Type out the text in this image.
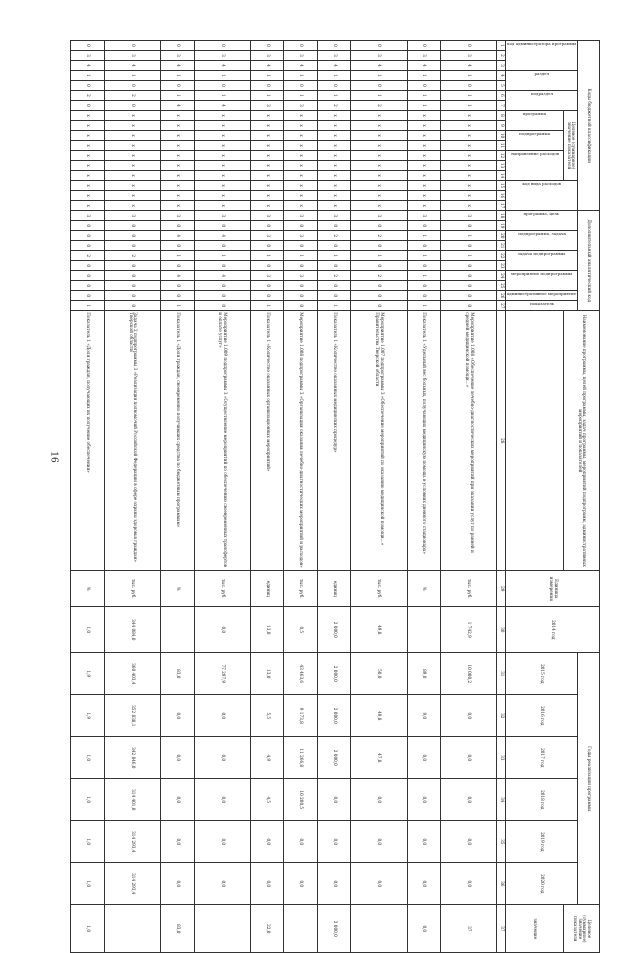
16
Коды бюджетной классификации																	Дополнительный аналитический код										Наименование программы, целей программы, задач программы, мероприятий подпрограмм, административных мероприятий и показателей	Единица измерения	2014 год	Годы реализации программы						Целевое (суммарное) значение показателя

код администратора программы			раздел		подраздел		Целевое (суммарное) значение показателя							код вида расходов			программа, цель		подпрограмма, задача		задача подпрограммы		мероприятие подпрограммы		административное мероприятие	показатель				2015 год	2016 год	2017 год	2018 год	2019 год	2020 год	

							программа		подпрограмма		направление расходов																									значение
1	2	3	4	5	6	7	8	9	10	11	12	13	14	15	16	17	18	19	20	21	22	23	24	25	26	27	28	29	30	31	32	33	34	35	36	37
0	3	4	1	0	1	1	х	х	х	х	х	х	х	х	х	х	3	0	1	0	1	0	0	0	0	0	Мероприятие 1.008 «Обеспечение лечебно-диагностических мероприятий при оказании услуг по ранней и средней медицинской помощи…»	тыс. руб.	1 742,9	10 000,2	0,0	0,0	0,0	0,0	0,0	37
0	3	4	1	0	1	1	х	х	х	х	х	х	х	х	х	х	3	0	1	0	1	0	1	0	0	1	Показатель 1 «Удельный вес больных, получающих медицинскую помощь в условиях дневного стационара»	%		89,0	9,0	0,0	0,0	0,0	0,0	0,0
0	3	4	1	0	1	2	х	х	х	х	х	х	х	х	х	х	3	0	2	0	1	0	2	0	0	0	Мероприятие 1.007 подпрограммы 3 «Обеспечение мероприятий по оказанию медицинской помощи…» Правительства Тверской области	тыс. руб.	49,8	50,0	49,8	47,8	0,0	0,0	0,0	
0	3	4	1	0	1	2	х	х	х	х	х	х	х	х	х	х	3	0	2	0	1	0	2	0	0	1	Показатель 1 «Количество оказанных медицинских процедур»	единиц	2 000,0	2 000,0	2 000,0	2 000,0	0,0	0,0	0,0	2 000,0
0	3	4	1	0	1	3	х	х	х	х	х	х	х	х	х	х	3	0	3	0	1	0	3	0	0	0	Мероприятие 1.008 подпрограммы 3 «Организация оказания лечебно-диагностических мероприятий и расходов»	тыс. руб.	0,5	43 463,6	9 173,8	11 266,8	10 200,5	0,0	0,0	
0	3	4	1	0	1	3	х	х	х	х	х	х	х	х	х	х	3	0	3	0	1	0	3	0	0	1	Показатель 1 «Количество оказанных организационных мероприятий»	единиц	13,0	13,0	5,5	4,9	4,5	0,0	0,0	22,0
0	3	4	1	0	1	4	х	х	х	х	х	х	х	х	х	х	3	0	4	0	1	0	4	0	0	0	Мероприятие 1.009 подпрограммы 3 «Осуществление мероприятий по обеспечению своевременных трансфертов и оплате услуг»	тыс. руб.	0,0	77 297,9	0,0	0,0	0,0	0,0	0,0	
0	3	4	1	0	1	4	х	х	х	х	х	х	х	х	х	х	3	0	4	0	1	0	4	0	0	1	Показатель 1 «Доля граждан, своевременно получивших средства по бюджетным программам»	%		83,0	0,0	0,0	0,0	0,0	0,0	83,0
0	3	4	1	0	2	0	х	х	х	х	х	х	х	х	х	х	3	0	0	0	2	0	0	0	0	0	Задача 2 подпрограммы 3 «Реализация полномочий Российской Федерации в сфере охраны здоровья граждан» Тверской области	тыс. руб.	344 084,0	360 403,4	352 838,1	342 846,0	314 401,0	314 293,4	314 293,4	
0	3	4	1	0	2	0	х	х	х	х	х	х	х	х	х	х	3	0	0	0	2	0	0	0	0	1	Показатель 1 «Доля граждан, получающих их получение обеспечения»	%	1,0	1,9	1,9	1,0	1,0	1,0	1,0	1,0
